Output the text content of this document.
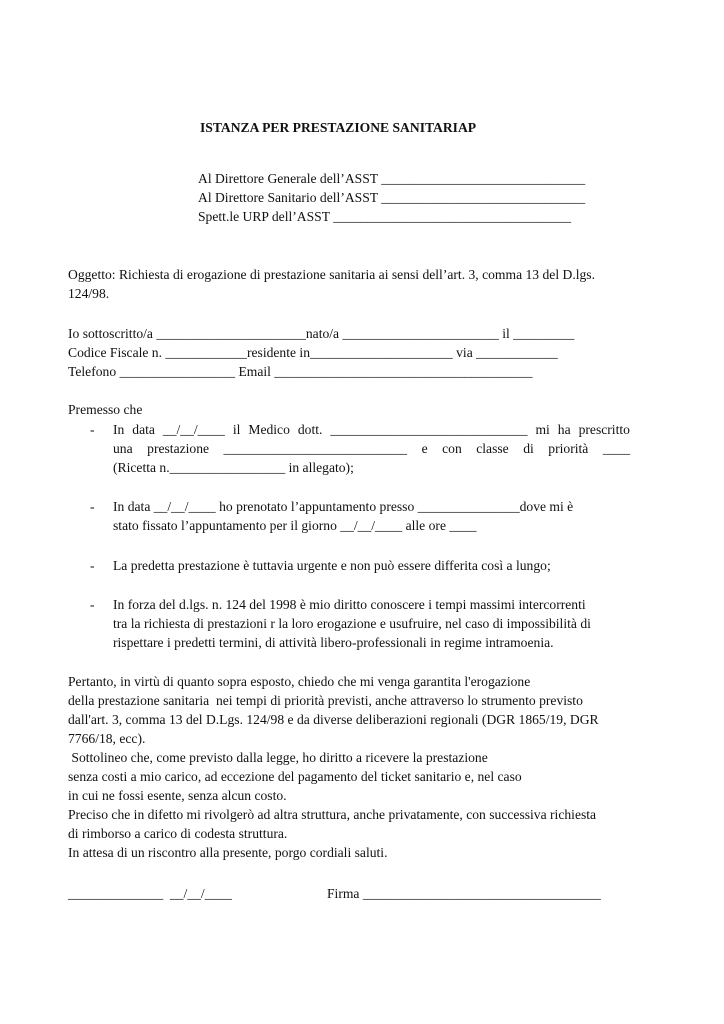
ISTANZA PER PRESTAZIONE SANITARIAP
Al Direttore Generale dell’ASST ______________________________
Al Direttore Sanitario dell’ASST ______________________________
Spett.le URP dell’ASST ___________________________________
Oggetto: Richiesta di erogazione di prestazione sanitaria ai sensi dell’art. 3, comma 13 del D.lgs.
124/98.
Io sottoscritto/a ______________________nato/a _______________________ il _________
Codice Fiscale n. ____________residente in_____________________ via ____________
Telefono _________________ Email ______________________________________
Premesso che
- In data __/__/____ il Medico dott. _____________________________ mi ha prescritto
una prestazione ___________________________ e con classe di priorità ____
(Ricetta n._________________ in allegato);
- In data __/__/____ ho prenotato l’appuntamento presso _______________dove mi è
stato fissato l’appuntamento per il giorno __/__/____ alle ore ____
- La predetta prestazione è tuttavia urgente e non può essere differita così a lungo;
- In forza del d.lgs. n. 124 del 1998 è mio diritto conoscere i tempi massimi intercorrenti
tra la richiesta di prestazioni r la loro erogazione e usufruire, nel caso di impossibilità di
rispettare i predetti termini, di attività libero-professionali in regime intramoenia.
Pertanto, in virtù di quanto sopra esposto, chiedo che mi venga garantita l'erogazione
della prestazione sanitaria  nei tempi di priorità previsti, anche attraverso lo strumento previsto
dall'art. 3, comma 13 del D.Lgs. 124/98 e da diverse deliberazioni regionali (DGR 1865/19, DGR
7766/18, ecc).
Sottolineo che, come previsto dalla legge, ho diritto a ricevere la prestazione
senza costi a mio carico, ad eccezione del pagamento del ticket sanitario e, nel caso
in cui ne fossi esente, senza alcun costo.
Preciso che in difetto mi rivolgerò ad altra struttura, anche privatamente, con successiva richiesta
di rimborso a carico di codesta struttura.
In attesa di un riscontro alla presente, porgo cordiali saluti.
______________  __/__/____	Firma ___________________________________
